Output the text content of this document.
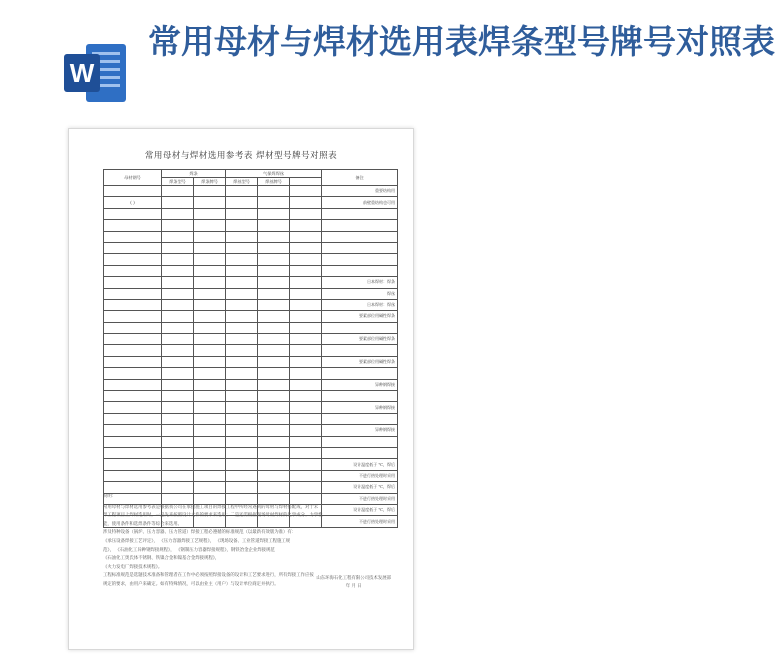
W
常用母材与焊材选用表焊条型号牌号对照表
常用母材与焊材选用参考表 焊材型号牌号对照表
母材钢号	焊条		气保焊焊丝			备注
	焊条型号	焊条牌号	焊丝型号	焊丝牌号		
						重要结构用
( )						前壁重结构也可用

						日本焊材：焊条
						焊丝
						日本焊材：焊丝
						要素部位用碱性焊条

						要素部位用碱性焊条

						要素部位用碱性焊条

						异种钢焊接

						异种钢焊接

						异种钢焊接

						设计温度低于 ℃，焊后
						不进行热处理时采用
						设计温度低于 ℃，焊后
						不进行热处理时采用
						设计温度低于 ℃，焊后
						不进行热处理时采用

说明：

常用母材与焊材选用参考表是根据我公司在承接施工项目的焊接工程中所经常遇到的母材与焊材搭配成，对于未

焊工程项目上焊材选用时，一是先来按照设计文件的要求来选用；二是还需根据现场母材焊材的化学成分、力学性

能，使用条件和选焊条件等综合来选用。

涉及特种设备（锅炉、压力容器、压力管道）焊接工程必遵循的标准规范（以最新有效版为准）有：

《承压设备焊接工艺评定》， 《压力容器焊接工艺规程》， 《现场设备、工业管道焊接工程施工规

范》， 《石油化工异种钢焊接规程》， 《钢制压力容器焊接规程》，钢铁冶金企业焊接规范

《石油化工奥氏体不锈钢、铁镍合金和镍基合金焊接规程》，

《火力发电厂焊接技术规程》。

工程标准规范是选题技术准备和管理者在工作中必须按照焊接设备的设计和工艺要求进行，所有焊接工作应按

规定的要求，由用户来确定。如有特殊情况，可以由业主（用户）与设计单位商定并执行。

山东环海石化工程有限公司技术发展部
年 月 日
